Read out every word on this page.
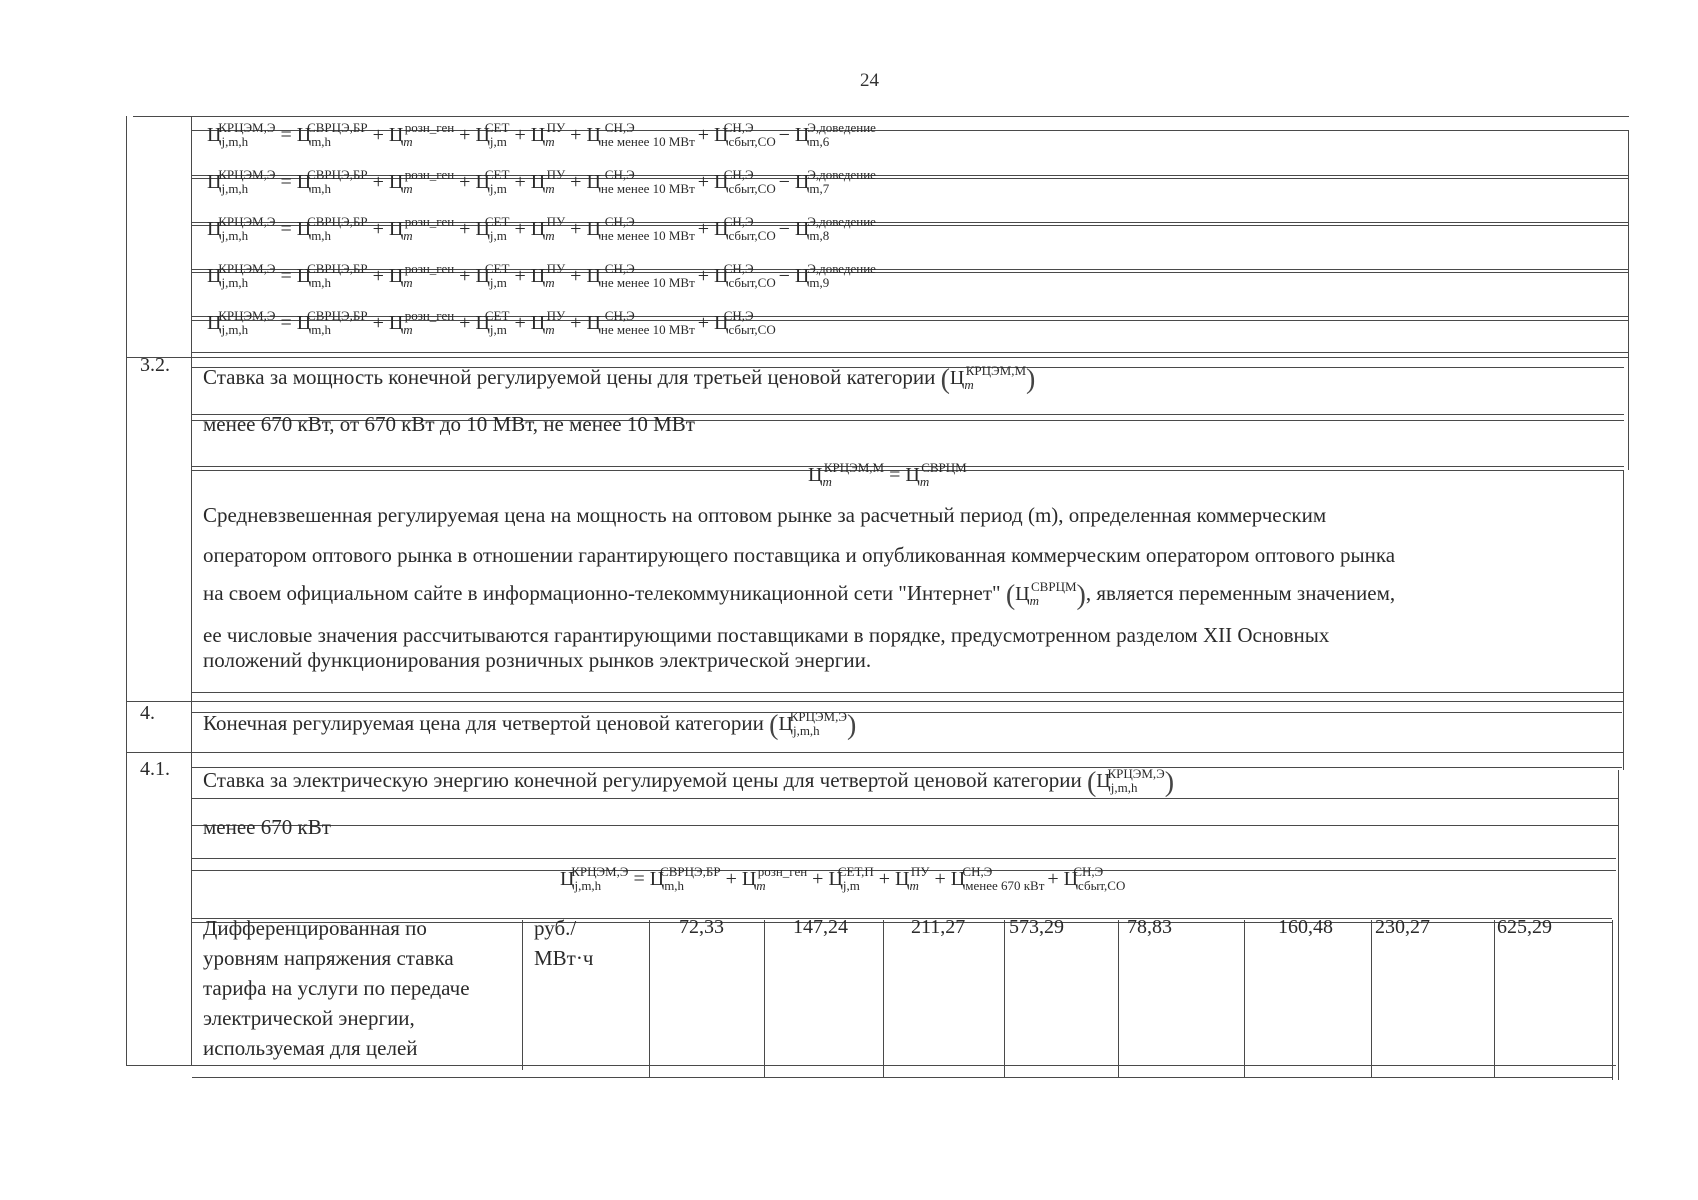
24
$Ц_{j,m,h}^{КРЦЭМ,Э} = Ц_{m,h}^{СВРЦЭ,БР} + Ц_m^{розн\_ген} + Ц_{j,m}^{СЕТ} + Ц_m^{ПУ} + Ц_{не менее 10 МВт}^{СН,Э}$	+ $Ц_{сбыт,СО}^{СН,Э} - Ц_{m,6}^{Э,доведение}$
$Ц_{j,m,h}^{КРЦЭМ,Э} = Ц_{m,h}^{СВРЦЭ,БР} + Ц_m^{розн\_ген} + Ц_{j,m}^{СЕТ} + Ц_m^{ПУ} + Ц_{не менее 10 МВт}^{СН,Э}$	+ $Ц_{сбыт,СО}^{СН,Э} - Ц_{m,7}^{Э,доведение}$
$Ц_{j,m,h}^{КРЦЭМ,Э} = Ц_{m,h}^{СВРЦЭ,БР} + Ц_m^{розн\_ген} + Ц_{j,m}^{СЕТ} + Ц_m^{ПУ} + Ц_{не менее 10 МВт}^{СН,Э}$	+ $Ц_{сбыт,СО}^{СН,Э} - Ц_{m,8}^{Э,доведение}$
$Ц_{j,m,h}^{КРЦЭМ,Э} = Ц_{m,h}^{СВРЦЭ,БР} + Ц_m^{розн\_ген} + Ц_{j,m}^{СЕТ} + Ц_m^{ПУ} + Ц_{не менее 10 МВт}^{СН,Э}$	+ $Ц_{сбыт,СО}^{СН,Э} - Ц_{m,9}^{Э,доведение}$
$Ц_{j,m,h}^{КРЦЭМ,Э} = Ц_{m,h}^{СВРЦЭ,БР} + Ц_m^{розн\_ген} + Ц_{j,m}^{СЕТ} + Ц_m^{ПУ} + Ц_{не менее 10 МВт}^{СН,Э}$	+ $Ц_{сбыт,СО}^{СН,Э}$
3.2. Ставка за мощность конечной регулируемой цены для третьей ценовой категории $(Ц_m^{КРЦЭМ,М})$
менее 670 кВт, от 670 кВт до 10 МВт, не менее 10 МВт
$Ц_m^{КРЦЭМ,М} = Ц_m^{СВРЦМ}$
Средневзвешенная регулируемая цена на мощность на оптовом рынке за расчетный период (m), определенная коммерческим
оператором оптового рынка в отношении гарантирующего поставщика и опубликованная коммерческим оператором оптового рынка
на своем официальном сайте в информационно-телекоммуникационной сети "Интернет" $(Ц_m^{СВРЦМ})$, является переменным значением,
ее числовые значения рассчитываются гарантирующими поставщиками в порядке, предусмотренном разделом XII Основных
положений функционирования розничных рынков электрической энергии.
4. Конечная регулируемая цена для четвертой ценовой категории $(Ц_{j,m,h}^{КРЦЭМ,Э})$
4.1. Ставка за электрическую энергию конечной регулируемой цены для четвертой ценовой категории $(Ц_{j,m,h}^{КРЦЭМ,Э})$
менее 670 кВт
$Ц_{j,m,h}^{КРЦЭМ,Э} = Ц_{m,h}^{СВРЦЭ,БР} + Ц_m^{розн\_ген} + Ц_{j,m}^{СЕТ,П} + Ц_m^{ПУ} + Ц_{менее 670 кВт}^{СН,Э}$	+ $Ц_{сбыт,СО}^{СН,Э}$
Дифференцированная по
уровням напряжения ставка
тарифа на услуги по передаче
электрической энергии,
используемая для целей
руб./
МВт·ч
72,33	147,24	211,27 573,29	78,83	160,48 230,27	625,29
